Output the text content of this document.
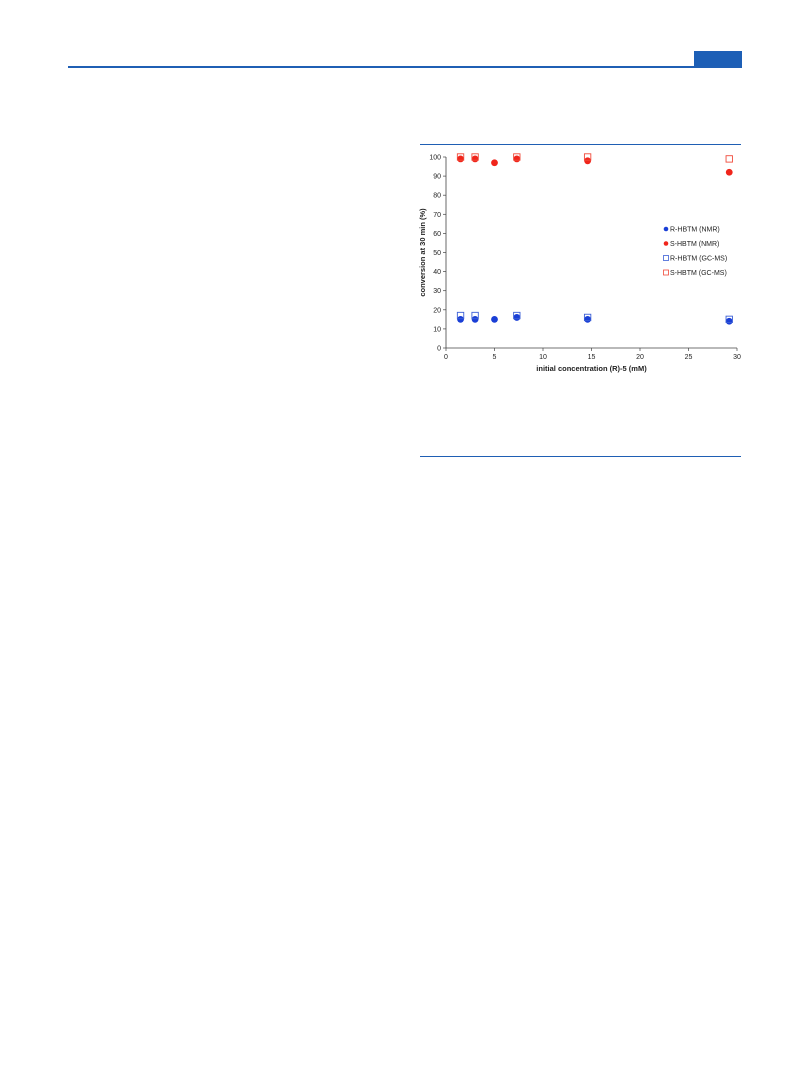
0	5	10	15	20	25	30
0
10
20
30
40
50
60
70
80
90
100
R-HBTM (NMR)
S-HBTM (NMR)
R-HBTM (GC-MS)
S-HBTM (GC-MS)
initial concentration (R)-5 (mM)
conversion at 30 min (%)
